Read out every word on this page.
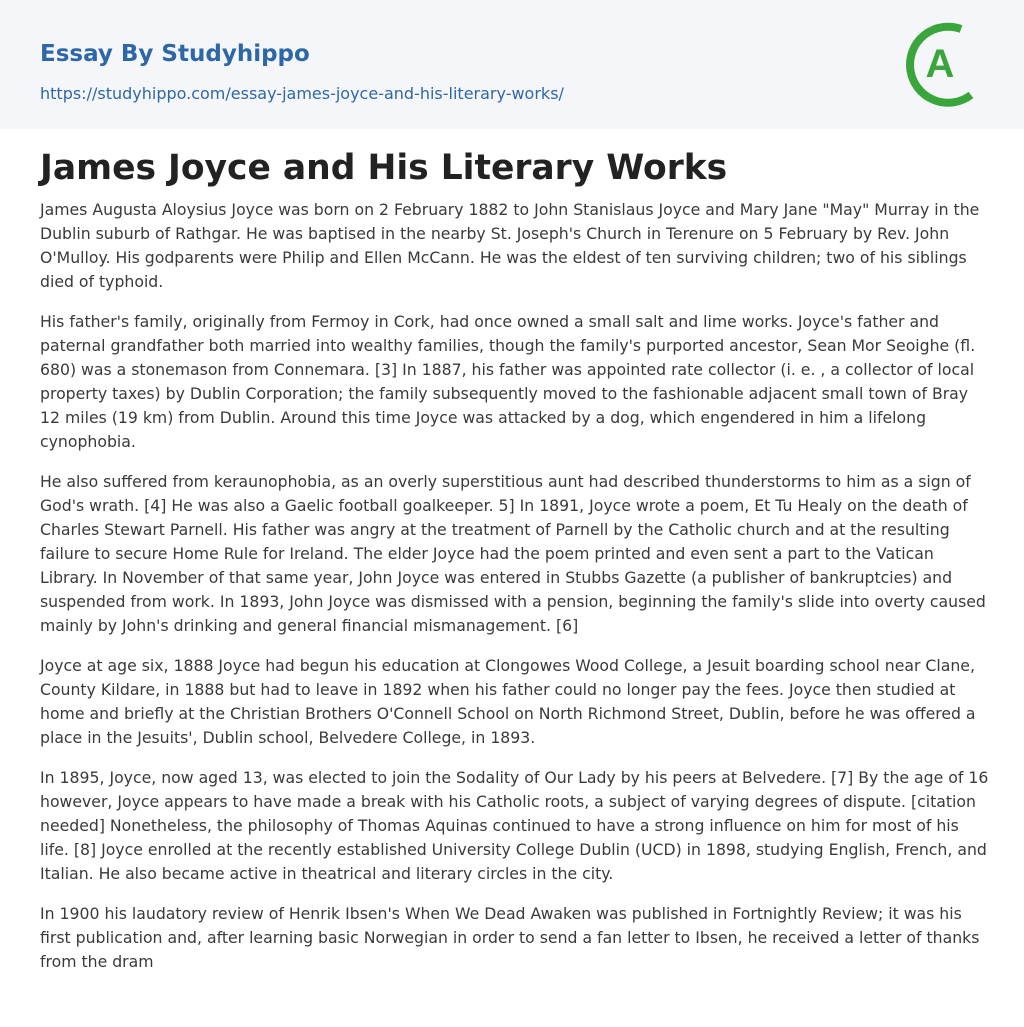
Essay By Studyhippo
https://studyhippo.com/essay-james-joyce-and-his-literary-works/
A
James Joyce and His Literary Works

James Augusta Aloysius Joyce was born on 2 February 1882 to John Stanislaus Joyce and Mary Jane "May" Murray in the Dublin suburb of Rathgar. He was baptised in the nearby St. Joseph's Church in Terenure on 5 February by Rev. John O'Mulloy. His godparents were Philip and Ellen McCann. He was the eldest of ten surviving children; two of his siblings died of typhoid.

His father's family, originally from Fermoy in Cork, had once owned a small salt and lime works. Joyce's father and paternal grandfather both married into wealthy families, though the family's purported ancestor, Sean Mor Seoighe (fl. 680) was a stonemason from Connemara. [3] In 1887, his father was appointed rate collector (i. e. , a collector of local property taxes) by Dublin Corporation; the family subsequently moved to the fashionable adjacent small town of Bray 12 miles (19 km) from Dublin. Around this time Joyce was attacked by a dog, which engendered in him a lifelong cynophobia.

He also suffered from keraunophobia, as an overly superstitious aunt had described thunderstorms to him as a sign of God's wrath. [4] He was also a Gaelic football goalkeeper. 5] In 1891, Joyce wrote a poem, Et Tu Healy on the death of Charles Stewart Parnell. His father was angry at the treatment of Parnell by the Catholic church and at the resulting failure to secure Home Rule for Ireland. The elder Joyce had the poem printed and even sent a part to the Vatican Library. In November of that same year, John Joyce was entered in Stubbs Gazette (a publisher of bankruptcies) and suspended from work. In 1893, John Joyce was dismissed with a pension, beginning the family's slide into overty caused mainly by John's drinking and general financial mismanagement. [6]

Joyce at age six, 1888 Joyce had begun his education at Clongowes Wood College, a Jesuit boarding school near Clane, County Kildare, in 1888 but had to leave in 1892 when his father could no longer pay the fees. Joyce then studied at home and briefly at the Christian Brothers O'Connell School on North Richmond Street, Dublin, before he was offered a place in the Jesuits', Dublin school, Belvedere College, in 1893.

In 1895, Joyce, now aged 13, was elected to join the Sodality of Our Lady by his peers at Belvedere. [7] By the age of 16 however, Joyce appears to have made a break with his Catholic roots, a subject of varying degrees of dispute. [citation needed] Nonetheless, the philosophy of Thomas Aquinas continued to have a strong influence on him for most of his life. [8] Joyce enrolled at the recently established University College Dublin (UCD) in 1898, studying English, French, and Italian. He also became active in theatrical and literary circles in the city.

In 1900 his laudatory review of Henrik Ibsen's When We Dead Awaken was published in Fortnightly Review; it was his first publication and, after learning basic Norwegian in order to send a fan letter to Ibsen, he received a letter of thanks from the dram
